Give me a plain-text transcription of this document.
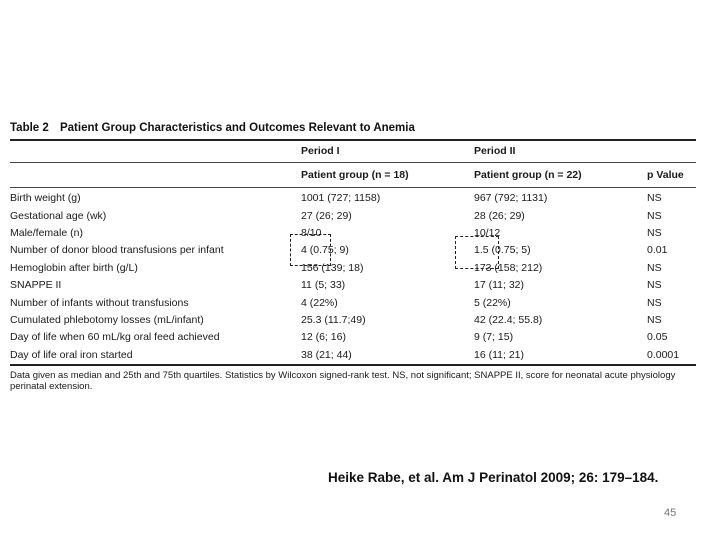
Table 2 Patient Group Characteristics and Outcomes Relevant to Anemia
	Period I	Period II	
	Patient group (n = 18)	Patient group (n = 22)	p Value
Birth weight (g)	1001 (727; 1158)	967 (792; 1131)	NS
Gestational age (wk)	27 (26; 29)	28 (26; 29)	NS
Male/female (n)	8/10	10/12	NS
Number of donor blood transfusions per infant	4 (0.75; 9)	1.5 (0.75; 5)	0.01
Hemoglobin after birth (g/L)	156 (139; 18)	173 (158; 212)	NS
SNAPPE II	11 (5; 33)	17 (11; 32)	NS
Number of infants without transfusions	4 (22%)	5 (22%)	NS
Cumulated phlebotomy losses (mL/infant)	25.3 (11.7;49)	42 (22.4; 55.8)	NS
Day of life when 60 mL/kg oral feed achieved	12 (6; 16)	9 (7; 15)	0.05
Day of life oral iron started	38 (21; 44)	16 (11; 21)	0.0001
Data given as median and 25th and 75th quartiles. Statistics by Wilcoxon signed-rank test. NS, not significant; SNAPPE II, score for neonatal acute physiology perinatal extension.
Heike Rabe, et al. Am J Perinatol 2009; 26: 179–184.
45
